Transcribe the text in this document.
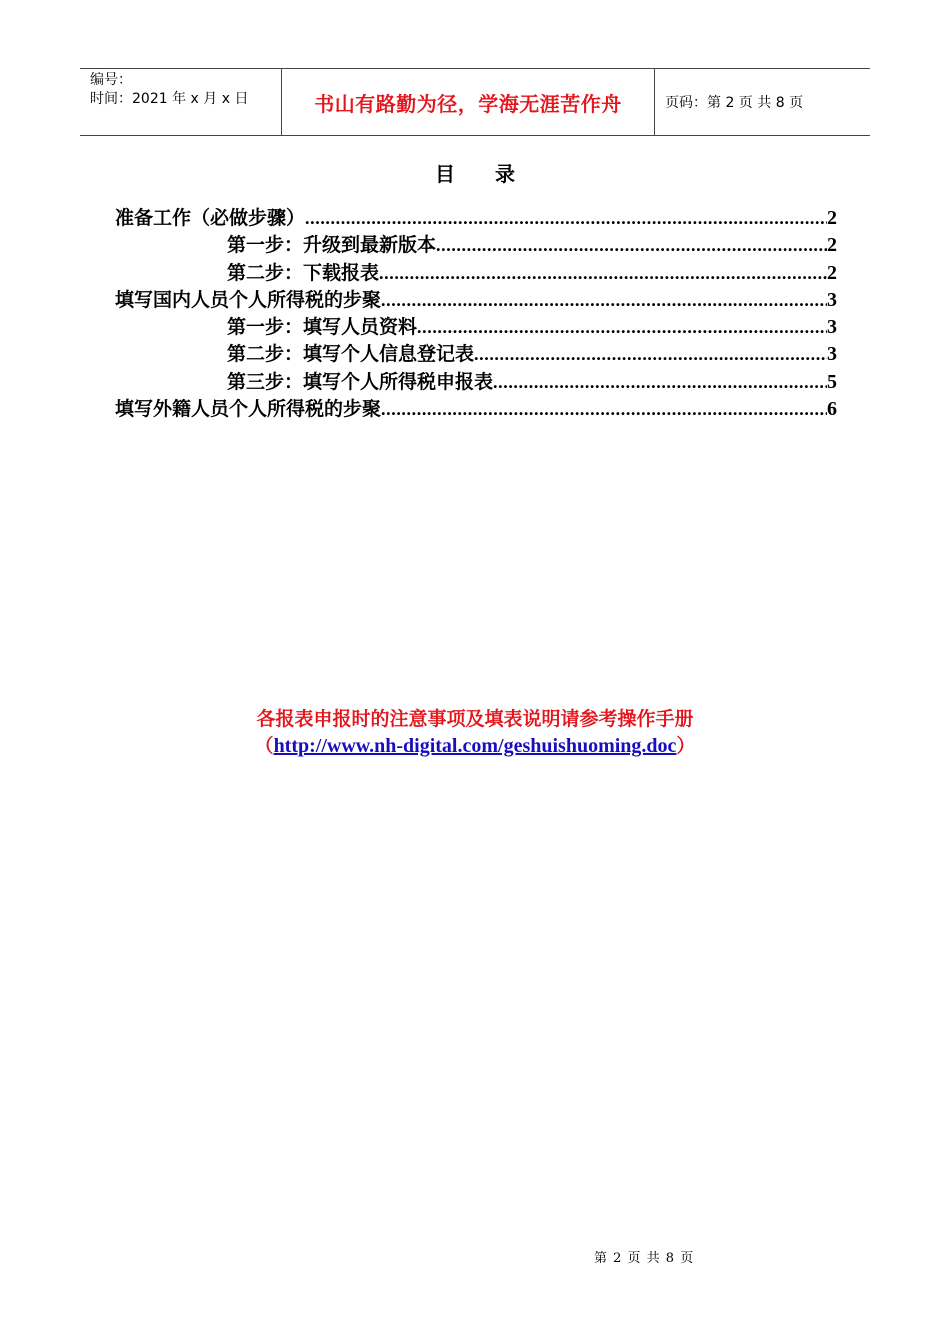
编号：
时间：2021 年 x 月 x 日	书山有路勤为径，学海无涯苦作舟	页码：第 2 页 共 8 页
目 录
准备工作（必做步骤） .....	2
第一步：升级到最新版本 .....	2
第二步：下载报表 .....	2
填写国内人员个人所得税的步聚 .....	3
第一步：填写人员资料 .....	3
第二步：填写个人信息登记表 .....	3
第三步：填写个人所得税申报表 .....	5
填写外籍人员个人所得税的步聚 .....	6
各报表申报时的注意事项及填表说明请参考操作手册
（http://www.nh-digital.com/geshuishuoming.doc）
第 2 页 共 8 页
